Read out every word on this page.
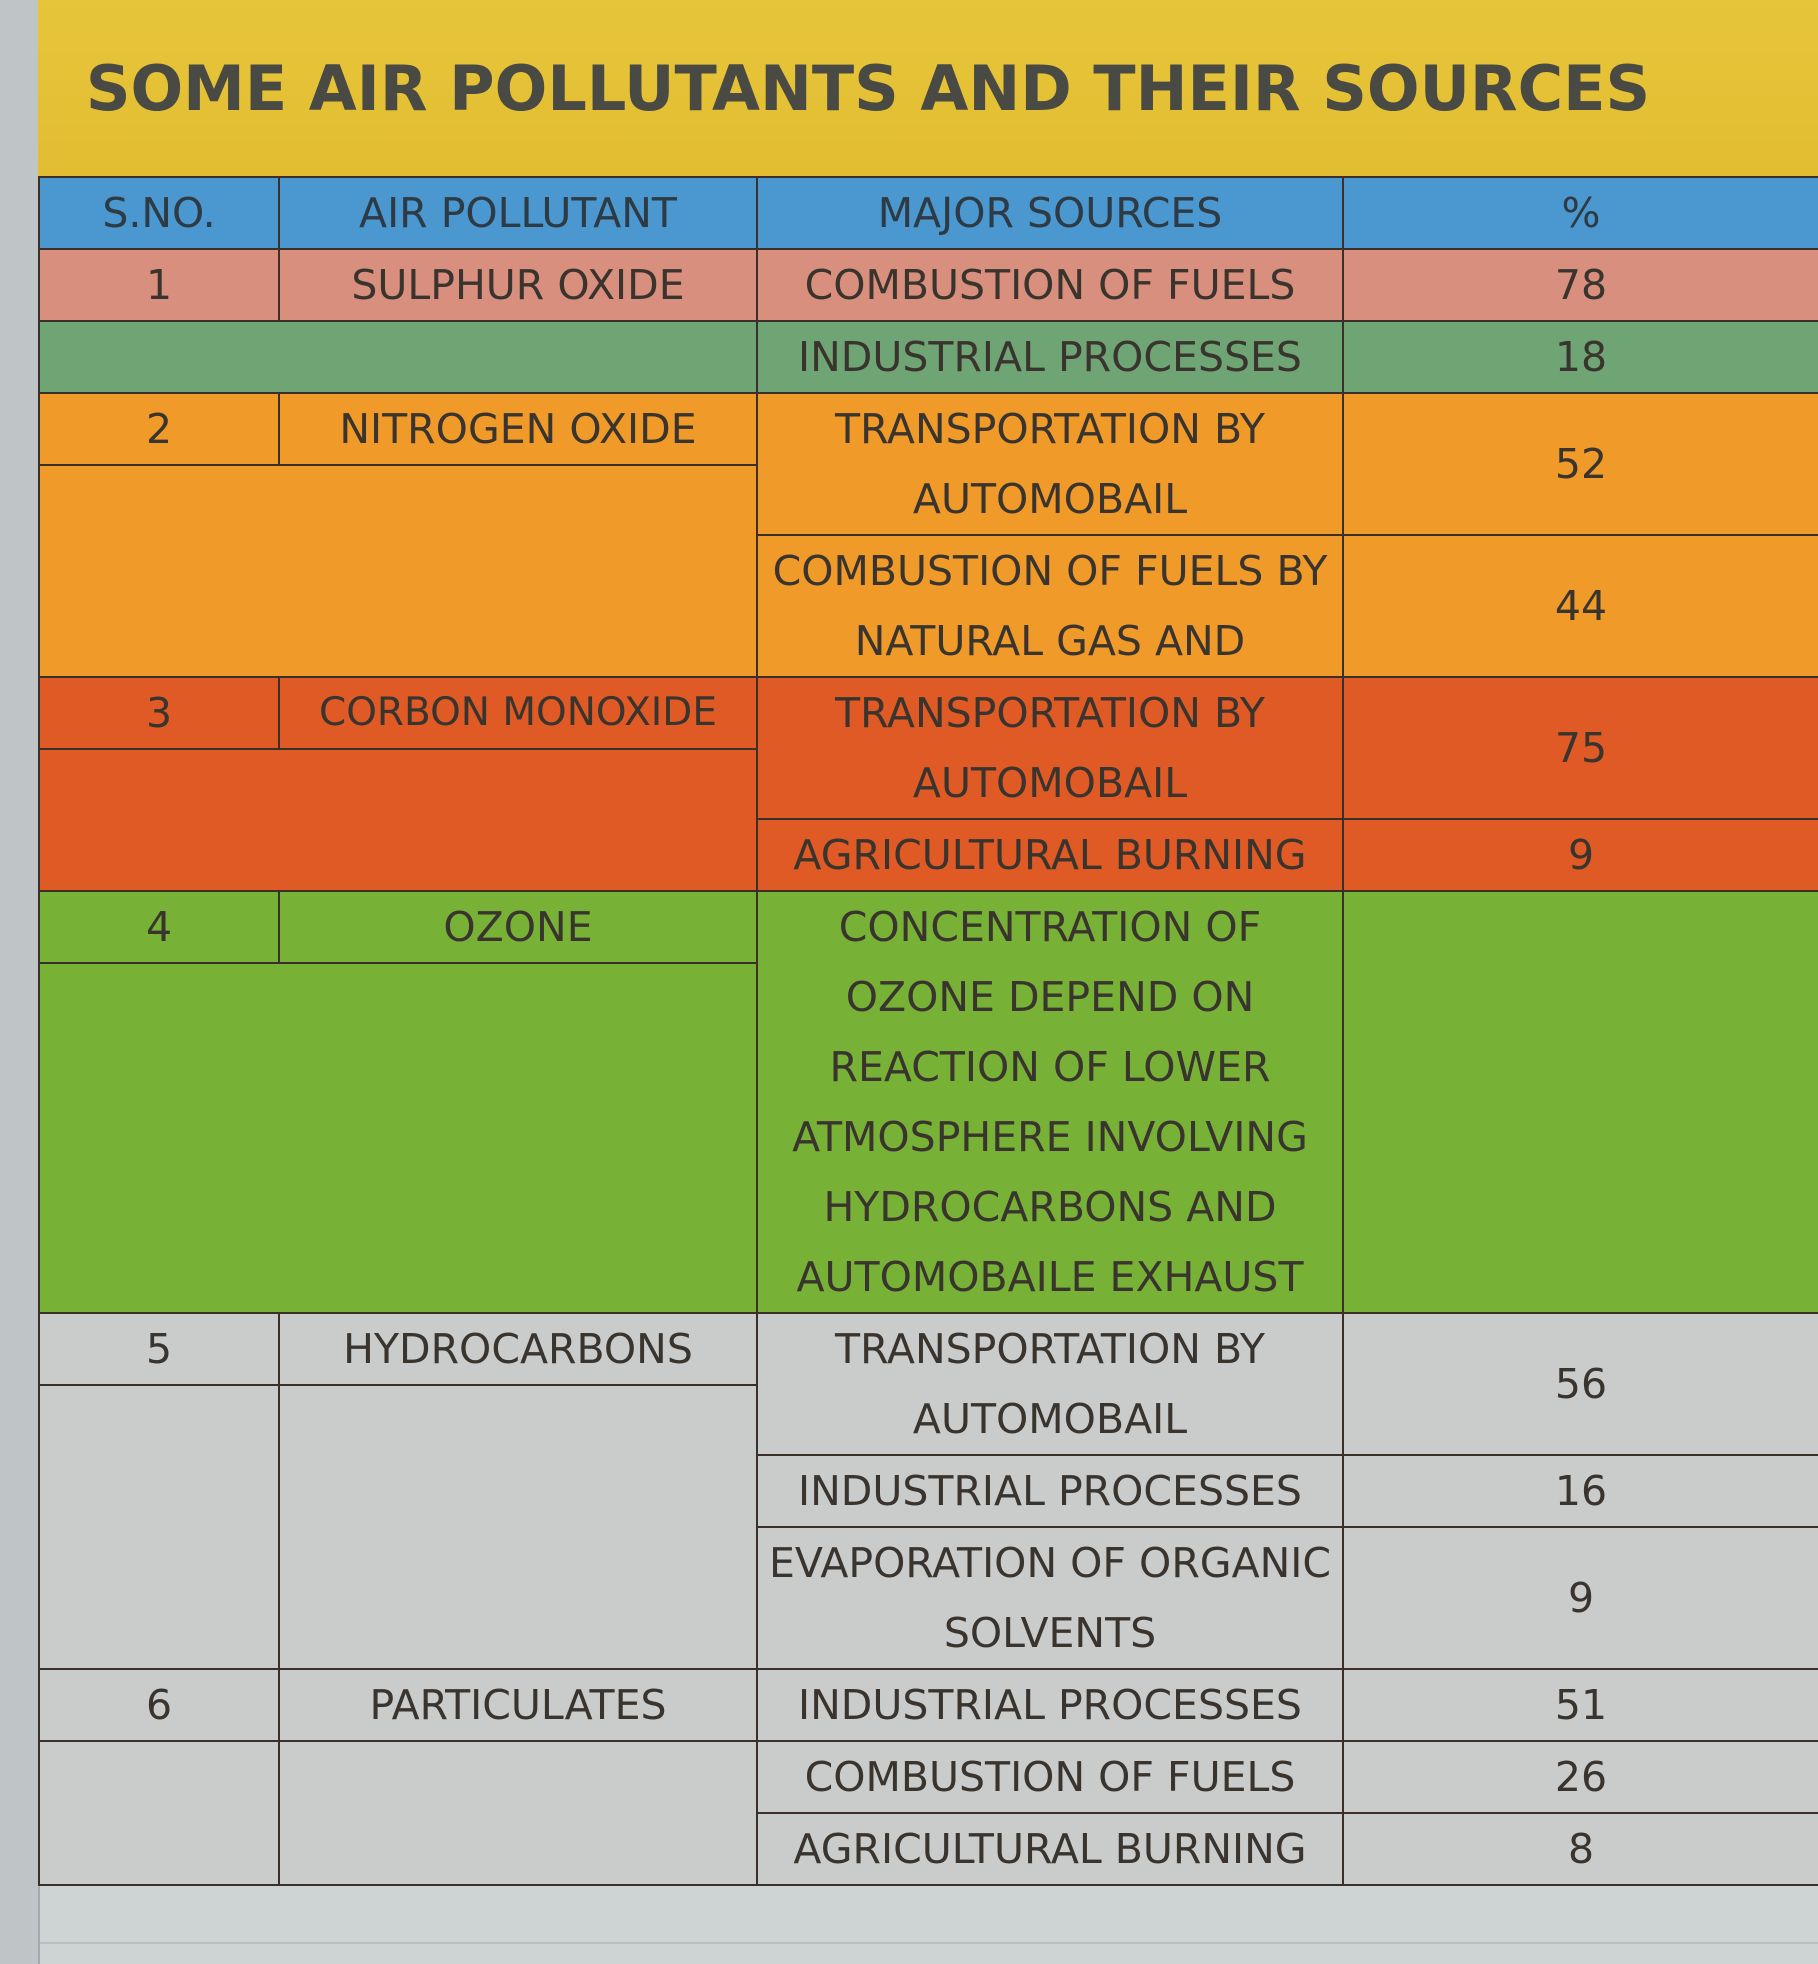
SOME AIR POLLUTANTS AND THEIR SOURCES
S.NO.	AIR POLLUTANT	MAJOR SOURCES	%
1	SULPHUR OXIDE	COMBUSTION OF FUELS	78
		INDUSTRIAL PROCESSES	18
2	NITROGEN OXIDE	TRANSPORTATION BY AUTOMOBAIL	52

		COMBUSTION OF FUELS BY NATURAL GAS AND	44

3	CORBON MONOXIDE	TRANSPORTATION BY AUTOMOBAIL	75

		AGRICULTURAL BURNING	9
4	OZONE	CONCENTRATION OF OZONE DEPEND ON REACTION OF LOWER ATMOSPHERE INVOLVING HYDROCARBONS AND AUTOMOBAILE EXHAUST	

5	HYDROCARBONS	TRANSPORTATION BY AUTOMOBAIL	56

		INDUSTRIAL PROCESSES	16
		EVAPORATION OF ORGANIC SOLVENTS	9

6	PARTICULATES	INDUSTRIAL PROCESSES	51
		COMBUSTION OF FUELS	26
		AGRICULTURAL BURNING	8
